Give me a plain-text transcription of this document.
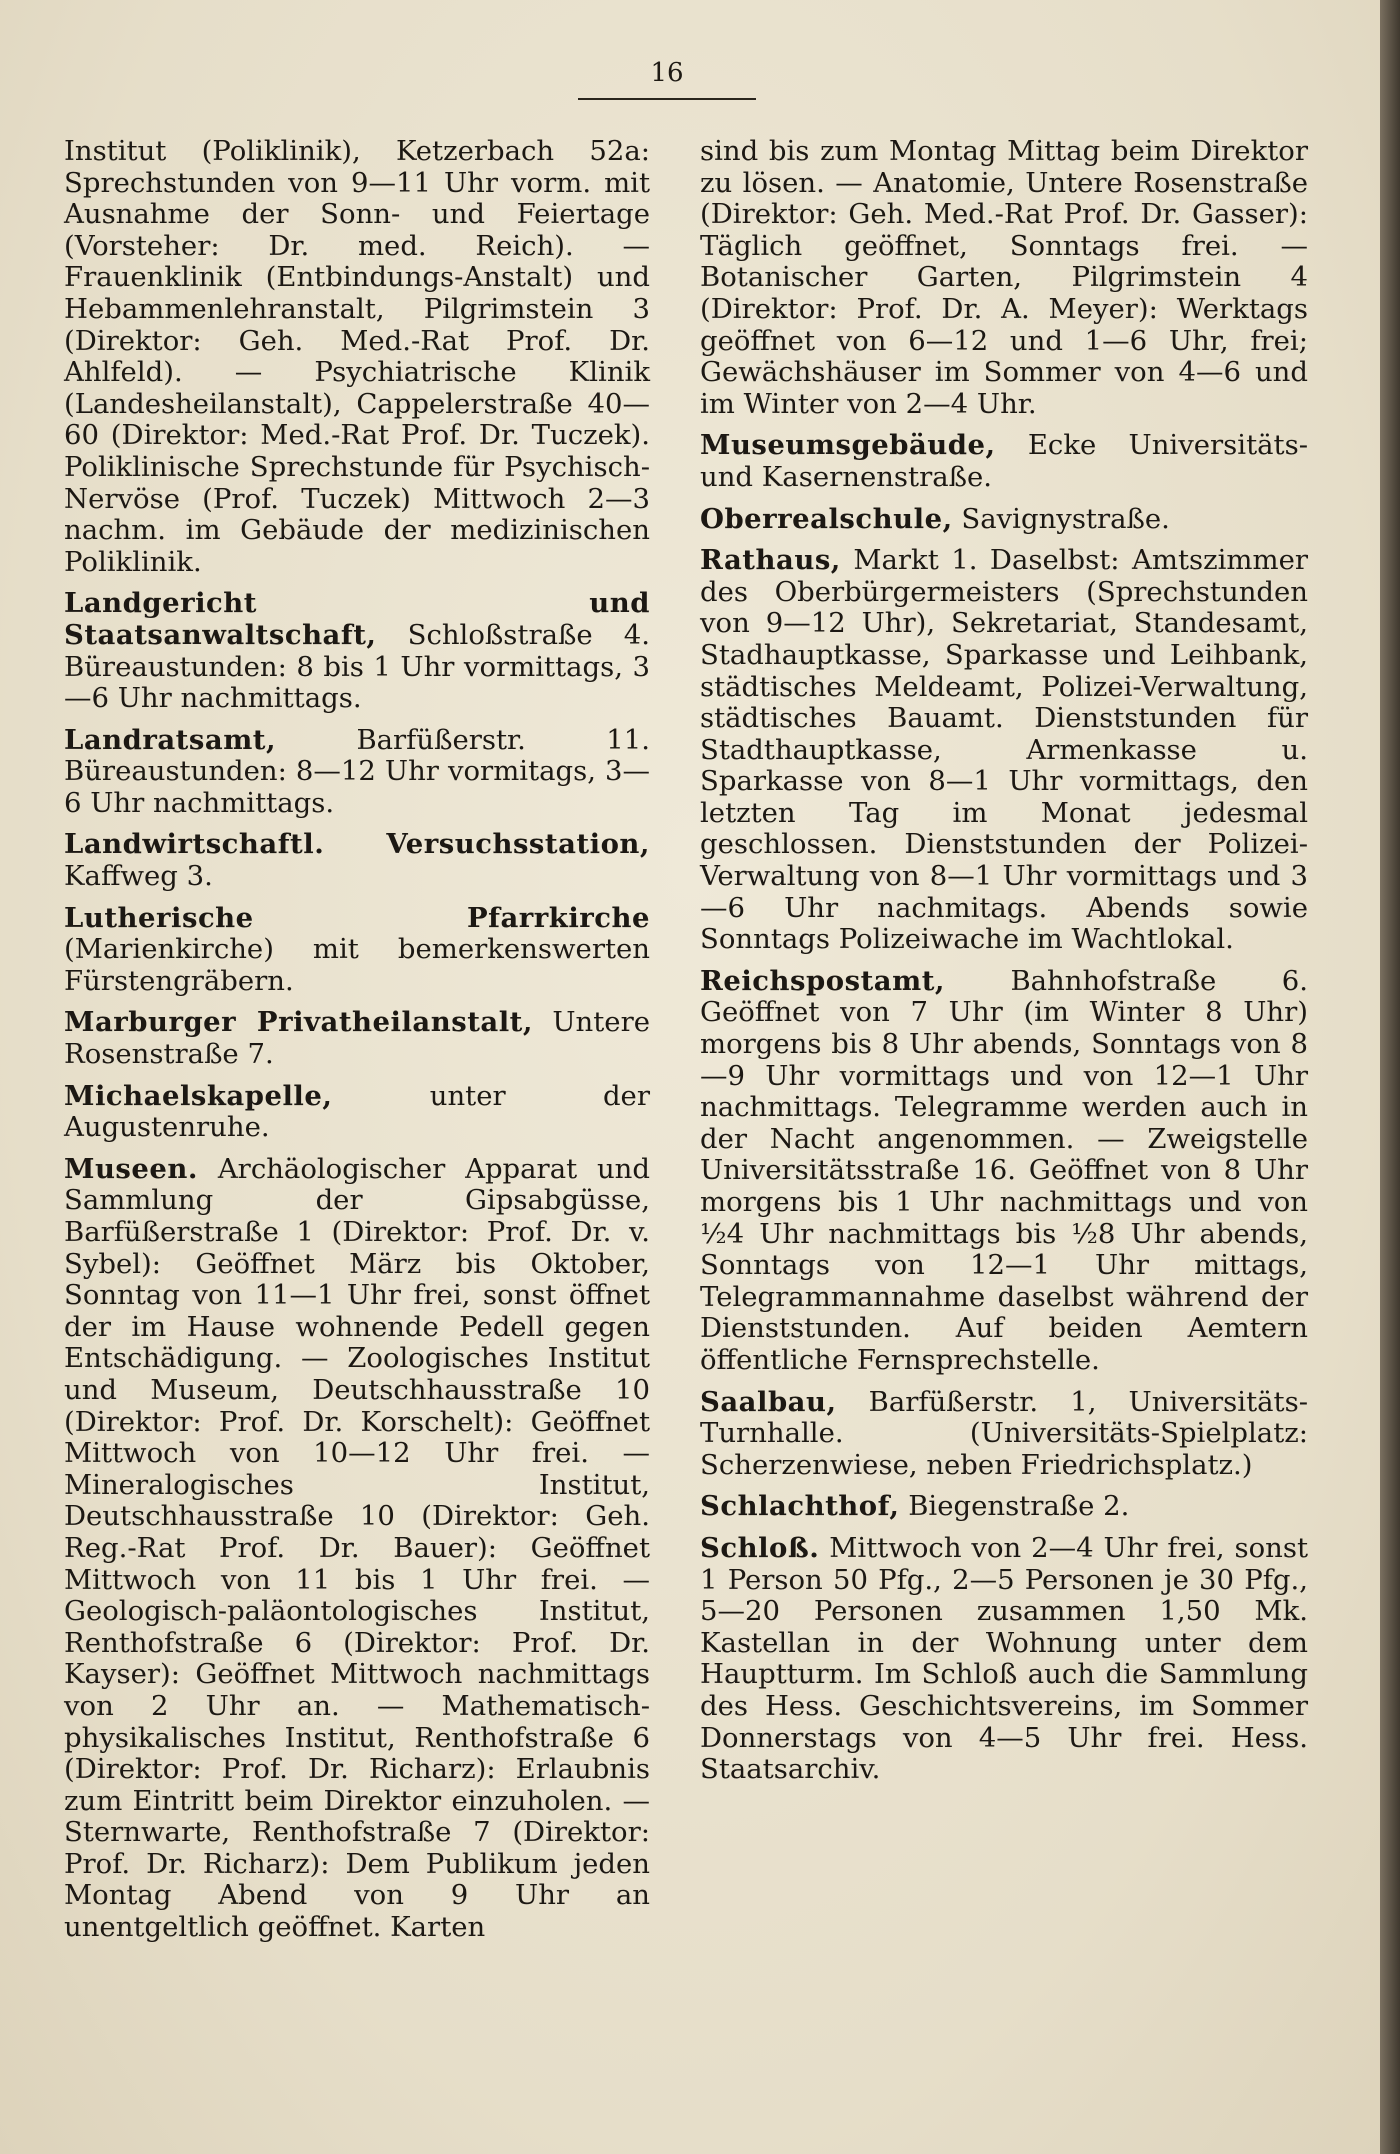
16

Institut (Poliklinik), Ketzerbach 52a: Sprechstunden von 9—11 Uhr vorm. mit Ausnahme der Sonn- und Feiertage (Vorsteher: Dr. med. Reich). — Frauenklinik (Entbindungs-Anstalt) und Hebammenlehranstalt, Pilgrimstein 3 (Direktor: Geh. Med.-Rat Prof. Dr. Ahlfeld). — Psychiatrische Klinik (Landesheilanstalt), Cappelerstraße 40—60 (Direktor: Med.-Rat Prof. Dr. Tuczek). Poliklinische Sprechstunde für Psychisch-Nervöse (Prof. Tuczek) Mittwoch 2—3 nachm. im Gebäude der medizinischen Poliklinik.

Landgericht und Staatsanwaltschaft, Schloßstraße 4. Büreaustunden: 8 bis 1 Uhr vormittags, 3—6 Uhr nachmittags.

Landratsamt,	Barfüßerstr. 11. Büreaustunden: 8—12 Uhr vormitags, 3—6 Uhr nachmittags.

Landwirtschaftl. Versuchsstation, Kaffweg 3.

Lutherische Pfarrkirche (Marienkirche) mit bemerkenswerten Fürstengräbern.

Marburger Privatheilanstalt, Untere Rosenstraße 7.

Michaelskapelle,	unter der Augustenruhe.

Museen. Archäologischer Apparat und Sammlung der Gipsabgüsse, Barfüßerstraße 1 (Direktor: Prof. Dr. v. Sybel): Geöffnet März bis Oktober, Sonntag von 11—1 Uhr frei, sonst öffnet der im Hause wohnende Pedell gegen Entschädigung. — Zoologisches Institut und Museum, Deutschhausstraße 10 (Direktor: Prof. Dr. Korschelt): Geöffnet Mittwoch von 10—12 Uhr frei. — Mineralogisches Institut, Deutschhausstraße 10 (Direktor: Geh. Reg.-Rat Prof. Dr. Bauer): Geöffnet Mittwoch von 11 bis 1 Uhr frei. — Geologisch-paläontologisches Institut, Renthofstraße 6 (Direktor: Prof. Dr. Kayser): Geöffnet Mittwoch nachmittags von 2 Uhr an. — Mathematisch-physikalisches Institut, Renthofstraße 6 (Direktor: Prof. Dr. Richarz): Erlaubnis zum Eintritt beim Direktor einzuholen. — Sternwarte, Renthofstraße 7 (Direktor: Prof. Dr. Richarz): Dem Publikum jeden Montag Abend von 9 Uhr an unentgeltlich geöffnet. Karten

sind bis zum Montag Mittag beim Direktor zu lösen. — Anatomie, Untere Rosenstraße (Direktor: Geh. Med.-Rat Prof. Dr. Gasser): Täglich geöffnet, Sonntags frei. — Botanischer Garten, Pilgrimstein 4 (Direktor: Prof. Dr. A. Meyer): Werktags geöffnet von 6—12 und 1—6 Uhr, frei; Gewächshäuser im Sommer von 4—6 und im Winter von 2—4 Uhr.

Museumsgebäude, Ecke Universitäts- und Kasernenstraße.

Oberrealschule, Savignystraße.

Rathaus, Markt 1. Daselbst: Amtszimmer des Oberbürgermeisters (Sprechstunden von 9—12 Uhr), Sekretariat, Standesamt, Stadhauptkasse, Sparkasse und Leihbank, städtisches Meldeamt, Polizei-Verwaltung, städtisches Bauamt. Dienststunden für Stadthauptkasse, Armenkasse u. Sparkasse von 8—1 Uhr vormittags, den letzten Tag im Monat jedesmal geschlossen. Dienststunden der Polizei-Verwaltung von 8—1 Uhr vormittags und 3—6 Uhr nachmitags. Abends sowie Sonntags Polizeiwache im Wachtlokal.

Reichspostamt, Bahnhofstraße 6. Geöffnet von 7 Uhr (im Winter 8 Uhr) morgens bis 8 Uhr abends, Sonntags von 8—9 Uhr vormittags und von 12—1 Uhr nachmittags. Telegramme werden auch in der Nacht angenommen. — Zweigstelle Universitätsstraße 16. Geöffnet von 8 Uhr morgens bis 1 Uhr nachmittags und von ½4 Uhr nachmittags bis ½8 Uhr abends, Sonntags von 12—1 Uhr mittags, Telegrammannahme daselbst während der Dienststunden. Auf beiden Aemtern öffentliche Fernsprechstelle.

Saalbau, Barfüßerstr. 1, Universitäts-Turnhalle. (Universitäts-Spielplatz: Scherzenwiese, neben Friedrichsplatz.)

Schlachthof, Biegenstraße 2.

Schloß. Mittwoch von 2—4 Uhr frei, sonst 1 Person 50 Pfg., 2—5 Personen je 30 Pfg., 5—20 Personen zusammen 1,50 Mk. Kastellan in der Wohnung unter dem Hauptturm. Im Schloß auch die Sammlung des Hess. Geschichtsvereins, im Sommer Donnerstags von 4—5 Uhr frei. Hess. Staatsarchiv.
